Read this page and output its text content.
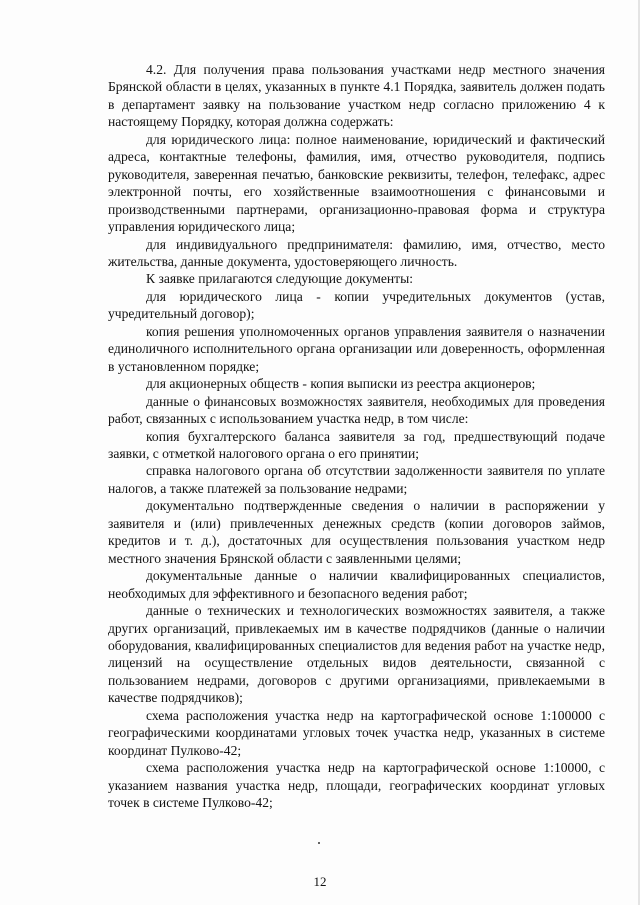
4.2. Для получения права пользования участками недр местного значения Брянской области в целях, указанных в пункте 4.1 Порядка, заявитель должен подать в департамент заявку на пользование участком недр согласно приложению 4 к настоящему Порядку, которая должна содержать:

для юридического лица: полное наименование, юридический и фактический адреса, контактные телефоны, фамилия, имя, отчество руководителя, подпись руководителя, заверенная печатью, банковские реквизиты, телефон, телефакс, адрес электронной почты, его хозяйственные взаимоотношения с финансовыми и производственными партнерами, организационно-правовая форма и структура управления юридического лица;

для индивидуального предпринимателя: фамилию, имя, отчество, место жительства, данные документа, удостоверяющего личность.

К заявке прилагаются следующие документы:

для юридического лица - копии учредительных документов (устав, учредительный договор);

копия решения уполномоченных органов управления заявителя о назначении единоличного исполнительного органа организации или доверенность, оформленная в установленном порядке;

для акционерных обществ - копия выписки из реестра акционеров;

данные о финансовых возможностях заявителя, необходимых для проведения работ, связанных с использованием участка недр, в том числе:

копия бухгалтерского баланса заявителя за год, предшествующий подаче заявки, с отметкой налогового органа о его принятии;

справка налогового органа об отсутствии задолженности заявителя по уплате налогов, а также платежей за пользование недрами;

документально подтвержденные сведения о наличии в распоряжении у заявителя и (или) привлеченных денежных средств (копии договоров займов, кредитов и т. д.), достаточных для осуществления пользования участком недр местного значения Брянской области с заявленными целями;

документальные данные о наличии квалифицированных специалистов, необходимых для эффективного и безопасного ведения работ;

данные о технических и технологических возможностях заявителя, а также других организаций, привлекаемых им в качестве подрядчиков (данные о наличии оборудования, квалифицированных специалистов для ведения работ на участке недр, лицензий на осуществление отдельных видов деятельности, связанной с пользованием недрами, договоров с другими организациями, привлекаемыми в качестве подрядчиков);

схема расположения участка недр на картографической основе 1:100000 с географическими координатами угловых точек участка недр, указанных в системе координат Пулково-42;

схема расположения участка недр на картографической основе 1:10000, с указанием названия участка недр, площади, географических координат угловых точек в системе Пулково-42;

12
